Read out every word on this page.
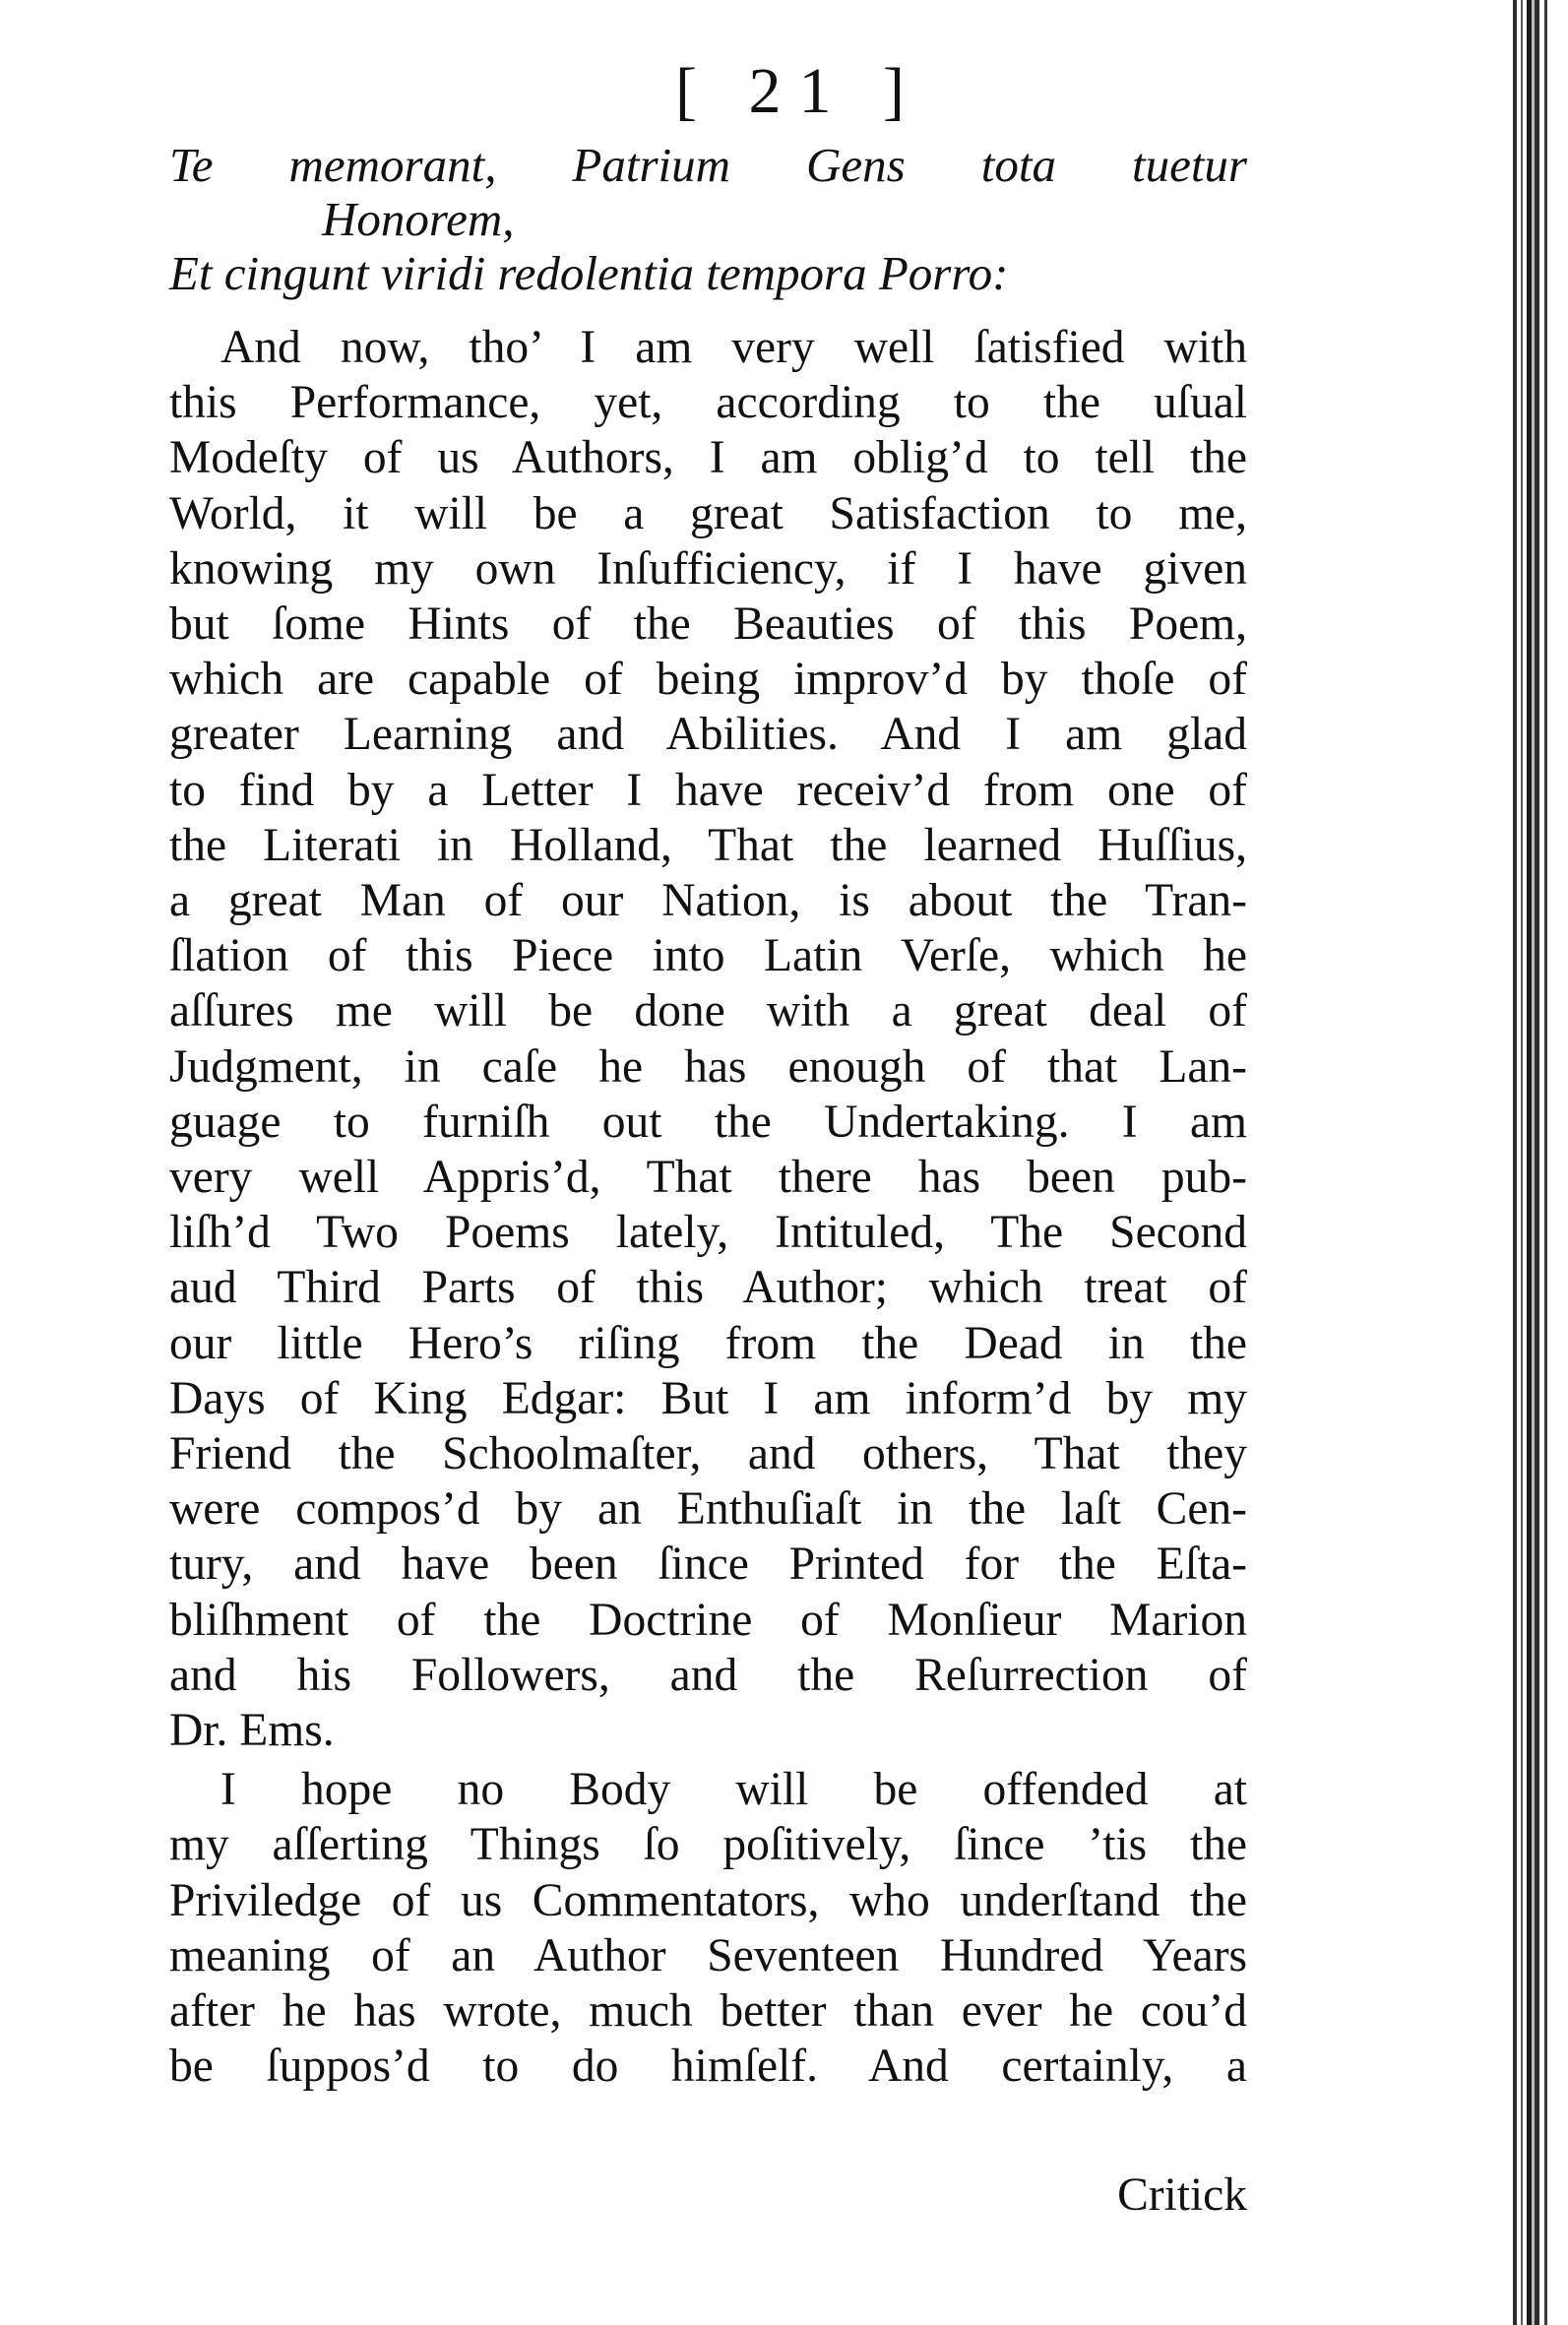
[ 21 ]
Te memorant, Patrium Gens tota tuetur
Honorem,
Et cingunt viridi redolentia tempora Porro:
And now, tho’ I am very well ſatisfied with
this Performance, yet, according to the uſual
Modeſty of us Authors, I am oblig’d to tell the
World, it will be a great Satisfaction to me,
knowing my own Inſufficiency, if I have given
but ſome Hints of the Beauties of this Poem,
which are capable of being improv’d by thoſe of
greater Learning and Abilities. And I am glad
to find by a Letter I have receiv’d from one of
the Literati in Holland, That the learned Huſſius,
a great Man of our Nation, is about the Tran-
ſlation of this Piece into Latin Verſe, which he
aſſures me will be done with a great deal of
Judgment, in caſe he has enough of that Lan-
guage to furniſh out the Undertaking. I am
very well Appris’d, That there has been pub-
liſh’d Two Poems lately, Intituled, The Second
aud Third Parts of this Author; which treat of
our little Hero’s riſing from the Dead in the
Days of King Edgar: But I am inform’d by my
Friend the Schoolmaſter, and others, That they
were compos’d by an Enthuſiaſt in the laſt Cen-
tury, and have been ſince Printed for the Eſta-
bliſhment of the Doctrine of Monſieur Marion
and his Followers, and the Reſurrection of
Dr. Ems.
I hope no Body will be offended at
my aſſerting Things ſo poſitively, ſince ’tis the
Priviledge of us Commentators, who underſtand the
meaning of an Author Seventeen Hundred Years
after he has wrote, much better than ever he cou’d
be ſuppos’d to do himſelf. And certainly, a
Critick
